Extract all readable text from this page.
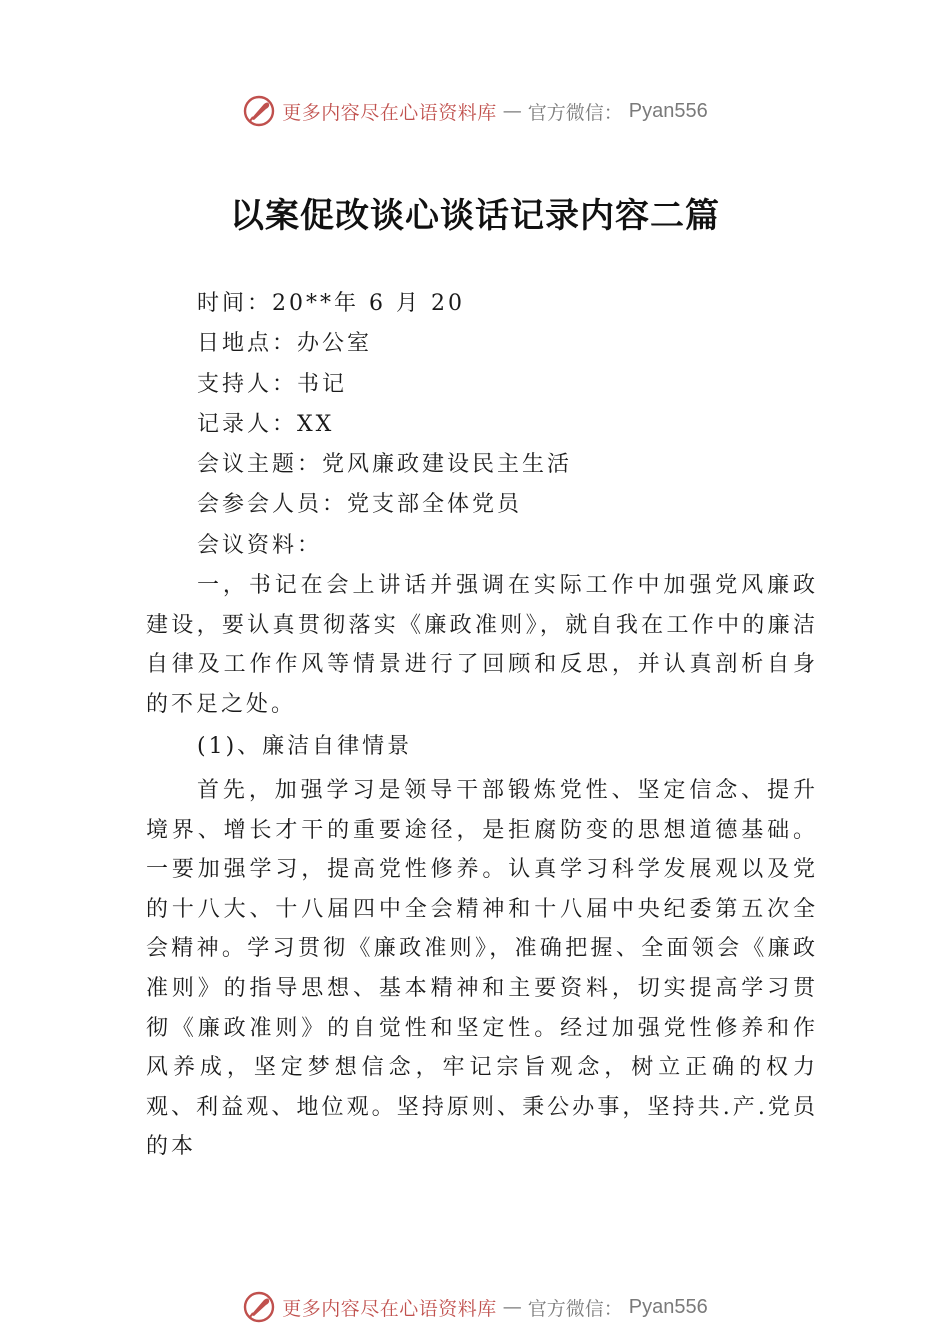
更多内容尽在心语资料库 — 官方微信： Pyan556
以案促改谈心谈话记录内容二篇
时间：20**年 6 月 20
日地点：办公室
支持人：书记
记录人：XX
会议主题：党风廉政建设民主生活
会参会人员：党支部全体党员
会议资料：

一，书记在会上讲话并强调在实际工作中加强党风廉政建设，要认真贯彻落实《廉政准则》，就自我在工作中的廉洁自律及工作作风等情景进行了回顾和反思，并认真剖析自身的不足之处。

(1)、廉洁自律情景

首先，加强学习是领导干部锻炼党性、坚定信念、提升境界、增长才干的重要途径，是拒腐防变的思想道德基础。 一要加强学习，提高党性修养。认真学习科学发展观以及党的十八大、十八届四中全会精神和十八届中央纪委第五次全会精神。学习贯彻《廉政准则》，准确把握、全面领会《廉政准则》的指导思想、基本精神和主要资料，切实提高学习贯彻《廉政准则》的自觉性和坚定性。经过加强党性修养和作风养成，坚定梦想信念，牢记宗旨观念，树立正确的权力观、利益观、地位观。坚持原则、秉公办事，坚持共.产.党员的本

更多内容尽在心语资料库 — 官方微信： Pyan556
